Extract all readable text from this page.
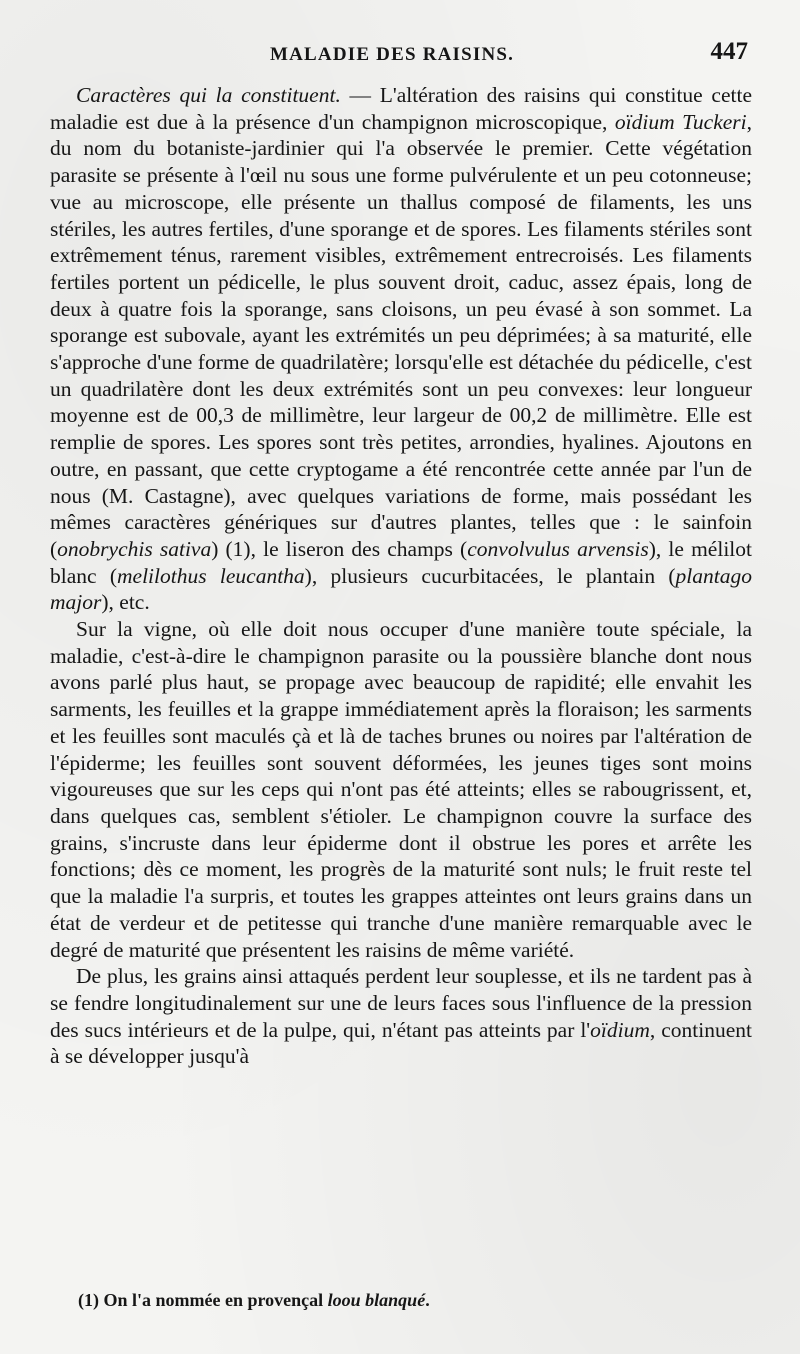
MALADIE DES RAISINS.	447

Caractères qui la constituent. — L'altération des raisins qui constitue cette maladie est due à la présence d'un champignon microscopique, oïdium Tuckeri, du nom du botaniste-jardinier qui l'a observée le premier. Cette végétation parasite se présente à l'œil nu sous une forme pulvérulente et un peu cotonneuse; vue au microscope, elle présente un thallus composé de filaments, les uns stériles, les autres fertiles, d'une sporange et de spores. Les filaments stériles sont extrêmement ténus, rarement visibles, extrêmement entrecroisés. Les filaments fertiles portent un pédicelle, le plus souvent droit, caduc, assez épais, long de deux à quatre fois la sporange, sans cloisons, un peu évasé à son sommet. La sporange est subovale, ayant les extrémités un peu déprimées; à sa maturité, elle s'approche d'une forme de quadrilatère; lorsqu'elle est détachée du pédicelle, c'est un quadrilatère dont les deux extrémités sont un peu convexes: leur longueur moyenne est de 00,3 de millimètre, leur largeur de 00,2 de millimètre. Elle est remplie de spores. Les spores sont très petites, arrondies, hyalines. Ajoutons en outre, en passant, que cette cryptogame a été rencontrée cette année par l'un de nous (M. Castagne), avec quelques variations de forme, mais possédant les mêmes caractères génériques sur d'autres plantes, telles que : le sainfoin (onobrychis sativa) (1), le liseron des champs (convolvulus arvensis), le mélilot blanc (melilothus leucantha), plusieurs cucurbitacées, le plantain (plantago major), etc.

Sur la vigne, où elle doit nous occuper d'une manière toute spéciale, la maladie, c'est-à-dire le champignon parasite ou la poussière blanche dont nous avons parlé plus haut, se propage avec beaucoup de rapidité; elle envahit les sarments, les feuilles et la grappe immédiatement après la floraison; les sarments et les feuilles sont maculés çà et là de taches brunes ou noires par l'altération de l'épiderme; les feuilles sont souvent déformées, les jeunes tiges sont moins vigoureuses que sur les ceps qui n'ont pas été atteints; elles se rabougrissent, et, dans quelques cas, semblent s'étioler. Le champignon couvre la surface des grains, s'incruste dans leur épiderme dont il obstrue les pores et arrête les fonctions; dès ce moment, les progrès de la maturité sont nuls; le fruit reste tel que la maladie l'a surpris, et toutes les grappes atteintes ont leurs grains dans un état de verdeur et de petitesse qui tranche d'une manière remarquable avec le degré de maturité que présentent les raisins de même variété.

De plus, les grains ainsi attaqués perdent leur souplesse, et ils ne tardent pas à se fendre longitudinalement sur une de leurs faces sous l'influence de la pression des sucs intérieurs et de la pulpe, qui, n'étant pas atteints par l'oïdium, continuent à se développer jusqu'à

(1) On l'a nommée en provençal loou blanqué.
